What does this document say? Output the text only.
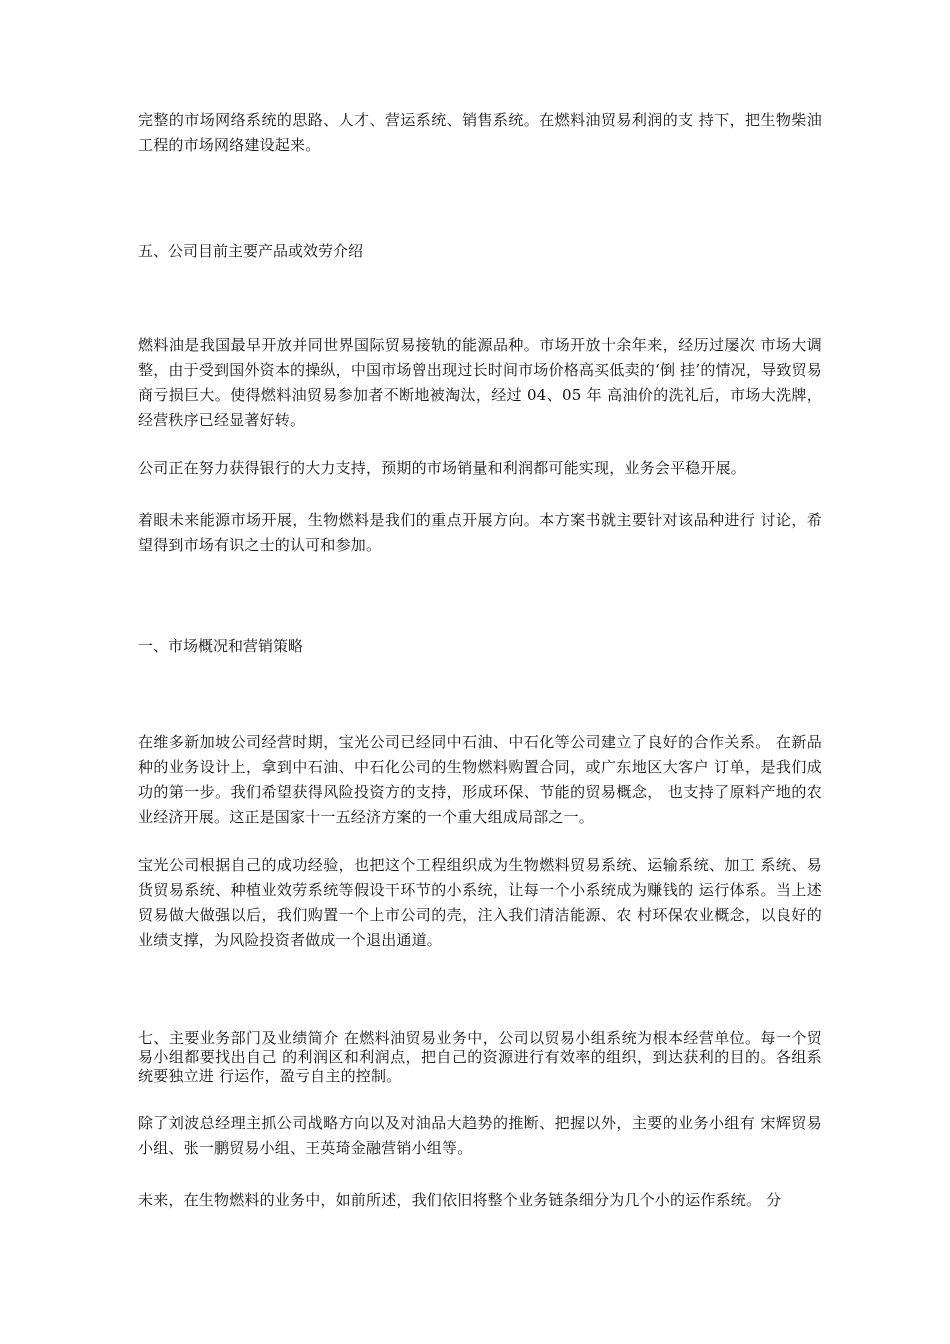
完整的市场网络系统的思路、人才、营运系统、销售系统。在燃料油贸易利润的支 持下，把生物柴油工程的市场网络建设起来。

五、公司目前主要产品或效劳介绍

燃料油是我国最早开放并同世界国际贸易接轨的能源品种。市场开放十余年来，经历过屡次 市场大调整，由于受到国外资本的操纵，中国市场曾出现过长时间市场价格高买低卖的‘倒 挂’的情况，导致贸易商亏损巨大。使得燃料油贸易参加者不断地被淘汰，经过 04、05 年 高油价的洗礼后，市场大洗牌，经营秩序已经显著好转。

公司正在努力获得银行的大力支持，预期的市场销量和利润都可能实现，业务会平稳开展。

着眼未来能源市场开展，生物燃料是我们的重点开展方向。本方案书就主要针对该品种进行 讨论，希望得到市场有识之士的认可和参加。

一、市场概况和营销策略

在维多新加坡公司经营时期，宝光公司已经同中石油、中石化等公司建立了良好的合作关系。 在新品种的业务设计上，拿到中石油、中石化公司的生物燃料购置合同，或广东地区大客户 订单，是我们成功的第一步。我们希望获得风险投资方的支持，形成环保、节能的贸易概念， 也支持了原料产地的农业经济开展。这正是国家十一五经济方案的一个重大组成局部之一。

宝光公司根据自己的成功经验，也把这个工程组织成为生物燃料贸易系统、运输系统、加工 系统、易货贸易系统、种植业效劳系统等假设干环节的小系统，让每一个小系统成为赚钱的 运行体系。当上述贸易做大做强以后，我们购置一个上市公司的壳，注入我们清洁能源、农 村环保农业概念，以良好的业绩支撑，为风险投资者做成一个退出通道。

七、主要业务部门及业绩简介 在燃料油贸易业务中，公司以贸易小组系统为根本经营单位。每一个贸易小组都要找出自己 的利润区和利润点，把自己的资源进行有效率的组织，到达获利的目的。各组系统要独立进 行运作，盈亏自主的控制。

除了刘波总经理主抓公司战略方向以及对油品大趋势的推断、把握以外，主要的业务小组有 宋辉贸易小组、张一鹏贸易小组、王英琦金融营销小组等。

未来，在生物燃料的业务中，如前所述，我们依旧将整个业务链条细分为几个小的运作系统。 分
